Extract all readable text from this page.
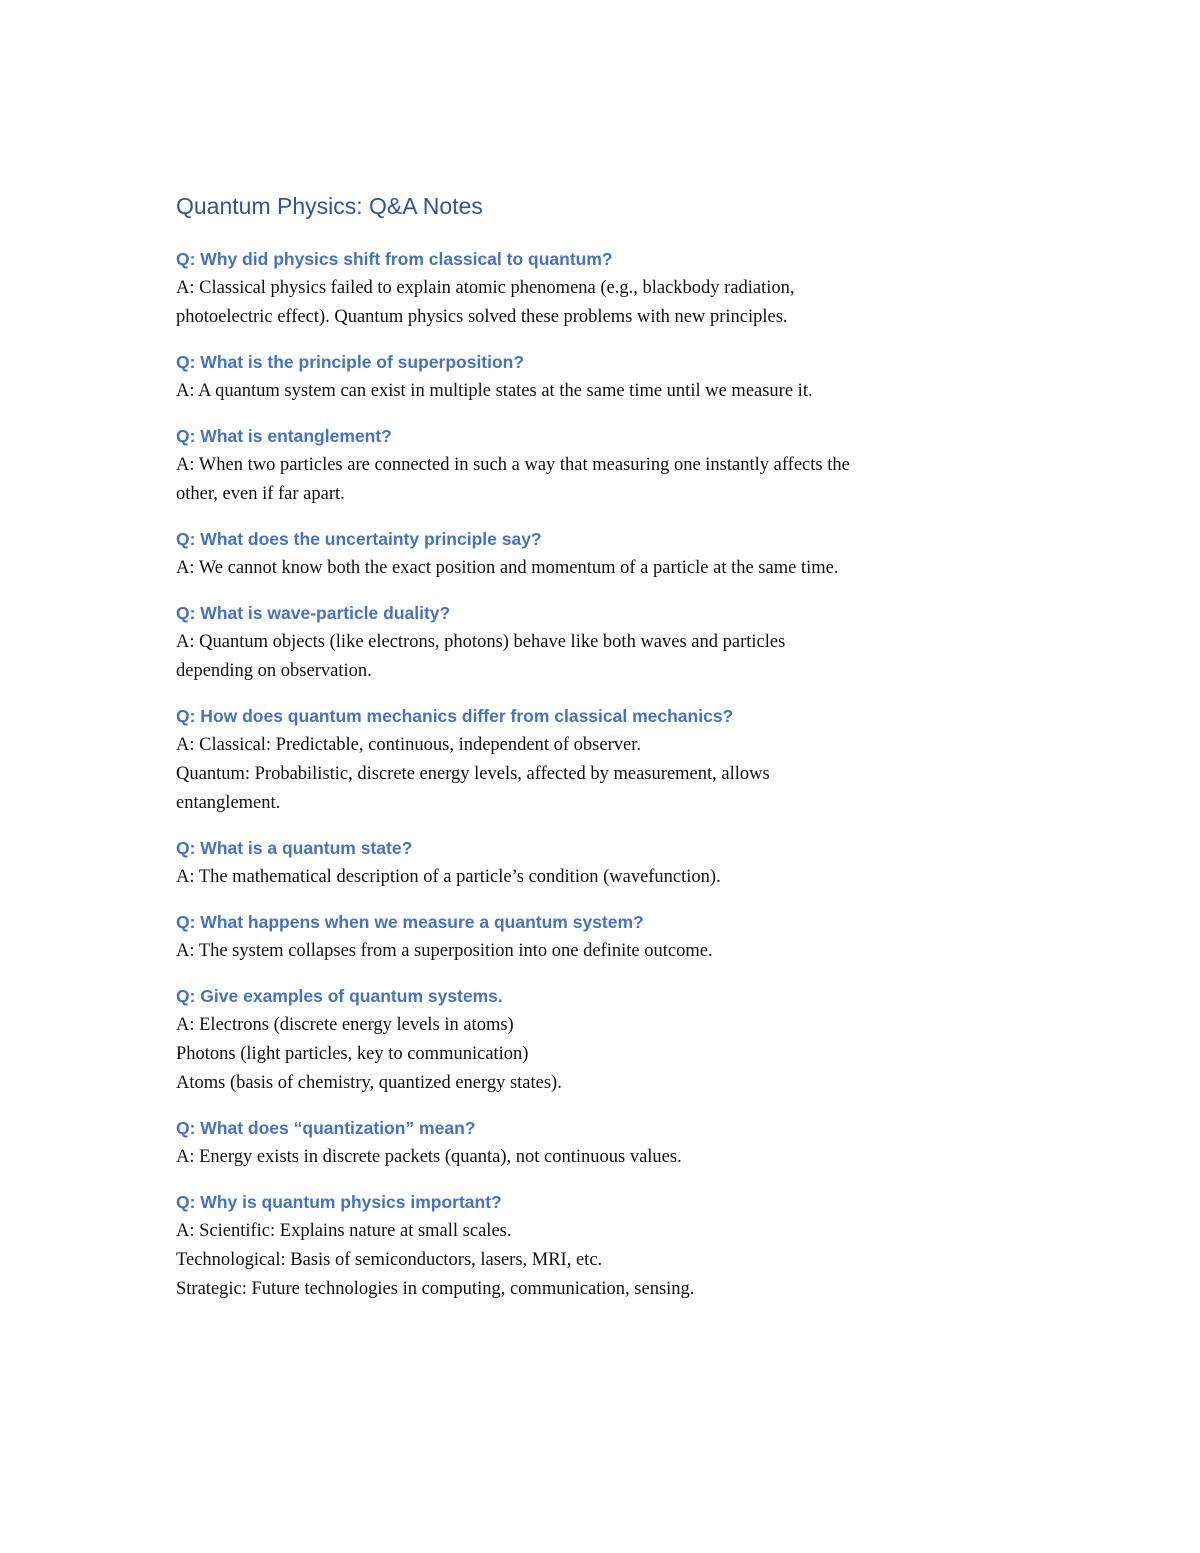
Quantum Physics: Q&A Notes

Q: Why did physics shift from classical to quantum?

A: Classical physics failed to explain atomic phenomena (e.g., blackbody radiation,

photoelectric effect). Quantum physics solved these problems with new principles.

Q: What is the principle of superposition?

A: A quantum system can exist in multiple states at the same time until we measure it.

Q: What is entanglement?

A: When two particles are connected in such a way that measuring one instantly affects the

other, even if far apart.

Q: What does the uncertainty principle say?

A: We cannot know both the exact position and momentum of a particle at the same time.

Q: What is wave-particle duality?

A: Quantum objects (like electrons, photons) behave like both waves and particles

depending on observation.

Q: How does quantum mechanics differ from classical mechanics?

A: Classical: Predictable, continuous, independent of observer.

Quantum: Probabilistic, discrete energy levels, affected by measurement, allows

entanglement.

Q: What is a quantum state?

A: The mathematical description of a particle’s condition (wavefunction).

Q: What happens when we measure a quantum system?

A: The system collapses from a superposition into one definite outcome.

Q: Give examples of quantum systems.

A: Electrons (discrete energy levels in atoms)

Photons (light particles, key to communication)

Atoms (basis of chemistry, quantized energy states).

Q: What does “quantization” mean?

A: Energy exists in discrete packets (quanta), not continuous values.

Q: Why is quantum physics important?

A: Scientific: Explains nature at small scales.

Technological: Basis of semiconductors, lasers, MRI, etc.

Strategic: Future technologies in computing, communication, sensing.
